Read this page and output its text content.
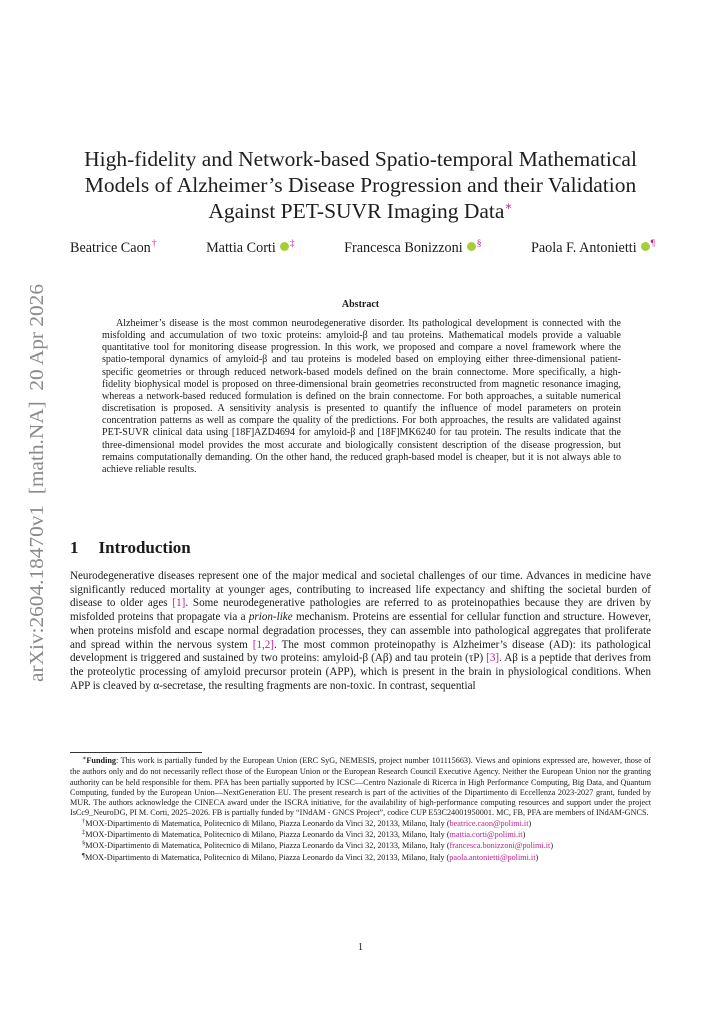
arXiv:2604.18470v1  [math.NA]  20 Apr 2026
High-fidelity and Network-based Spatio-temporal Mathematical
Models of Alzheimer’s Disease Progression and their Validation
Against PET-SUVR Imaging Data∗
Beatrice Caon †	Mattia Corti ‡	Francesca Bonizzoni §	Paola F. Antonietti ¶
Abstract
Alzheimer’s disease is the most common neurodegenerative disorder. Its pathological development is connected with the misfolding and accumulation of two toxic proteins: amyloid-β and tau proteins. Mathematical models provide a valuable quantitative tool for monitoring disease progression. In this work, we proposed and compare a novel framework where the spatio-temporal dynamics of amyloid-β and tau proteins is modeled based on employing either three-dimensional patient-specific geometries or through reduced network-based models defined on the brain connectome. More specifically, a high-fidelity biophysical model is proposed on three-dimensional brain geometries reconstructed from magnetic resonance imaging, whereas a network-based reduced formulation is defined on the brain connectome. For both approaches, a suitable numerical discretisation is proposed. A sensitivity analysis is presented to quantify the influence of model parameters on protein concentration patterns as well as compare the quality of the predictions. For both approaches, the results are validated against PET-SUVR clinical data using [18F]AZD4694 for amyloid-β and [18F]MK6240 for tau protein. The results indicate that the three-dimensional model provides the most accurate and biologically consistent description of the disease progression, but remains computationally demanding. On the other hand, the reduced graph-based model is cheaper, but it is not always able to achieve reliable results.
1 Introduction

Neurodegenerative diseases represent one of the major medical and societal challenges of our time. Advances in medicine have significantly reduced mortality at younger ages, contributing to increased life expectancy and shifting the societal burden of disease to older ages [1]. Some neurodegenerative pathologies are referred to as proteinopathies because they are driven by misfolded proteins that propagate via a prion-like mechanism. Proteins are essential for cellular function and structure. However, when proteins misfold and escape normal degradation processes, they can assemble into pathological aggregates that proliferate and spread within the nervous system [1,2]. The most common proteinopathy is Alzheimer’s disease (AD): its pathological development is triggered and sustained by two proteins: amyloid-β (Aβ) and tau protein (τP) [3]. Aβ is a peptide that derives from the proteolytic processing of amyloid precursor protein (APP), which is present in the brain in physiological conditions. When APP is cleaved by α-secretase, the resulting fragments are non-toxic. In contrast, sequential

∗Funding: This work is partially funded by the European Union (ERC SyG, NEMESIS, project number 101115663). Views and opinions expressed are, however, those of the authors only and do not necessarily reflect those of the European Union or the European Research Council Executive Agency. Neither the European Union nor the granting authority can be held responsible for them. PFA has been partially supported by ICSC—Centro Nazionale di Ricerca in High Performance Computing, Big Data, and Quantum Computing, funded by the European Union—NextGeneration EU. The present research is part of the activities of the Dipartimento di Eccellenza 2023-2027 grant, funded by MUR. The authors acknowledge the CINECA award under the ISCRA initiative, for the availability of high-performance computing resources and support under the project IsCc9_NeuroDG, PI M. Corti, 2025–2026. FB is partially funded by “INdAM - GNCS Project”, codice CUP E53C24001950001. MC, FB, PFA are members of INdAM-GNCS.

†MOX-Dipartimento di Matematica, Politecnico di Milano, Piazza Leonardo da Vinci 32, 20133, Milano, Italy (beatrice.caon@polimi.it)

‡MOX-Dipartimento di Matematica, Politecnico di Milano, Piazza Leonardo da Vinci 32, 20133, Milano, Italy (mattia.corti@polimi.it)

§MOX-Dipartimento di Matematica, Politecnico di Milano, Piazza Leonardo da Vinci 32, 20133, Milano, Italy (francesca.bonizzoni@polimi.it)

¶MOX-Dipartimento di Matematica, Politecnico di Milano, Piazza Leonardo da Vinci 32, 20133, Milano, Italy (paola.antonietti@polimi.it)

1
